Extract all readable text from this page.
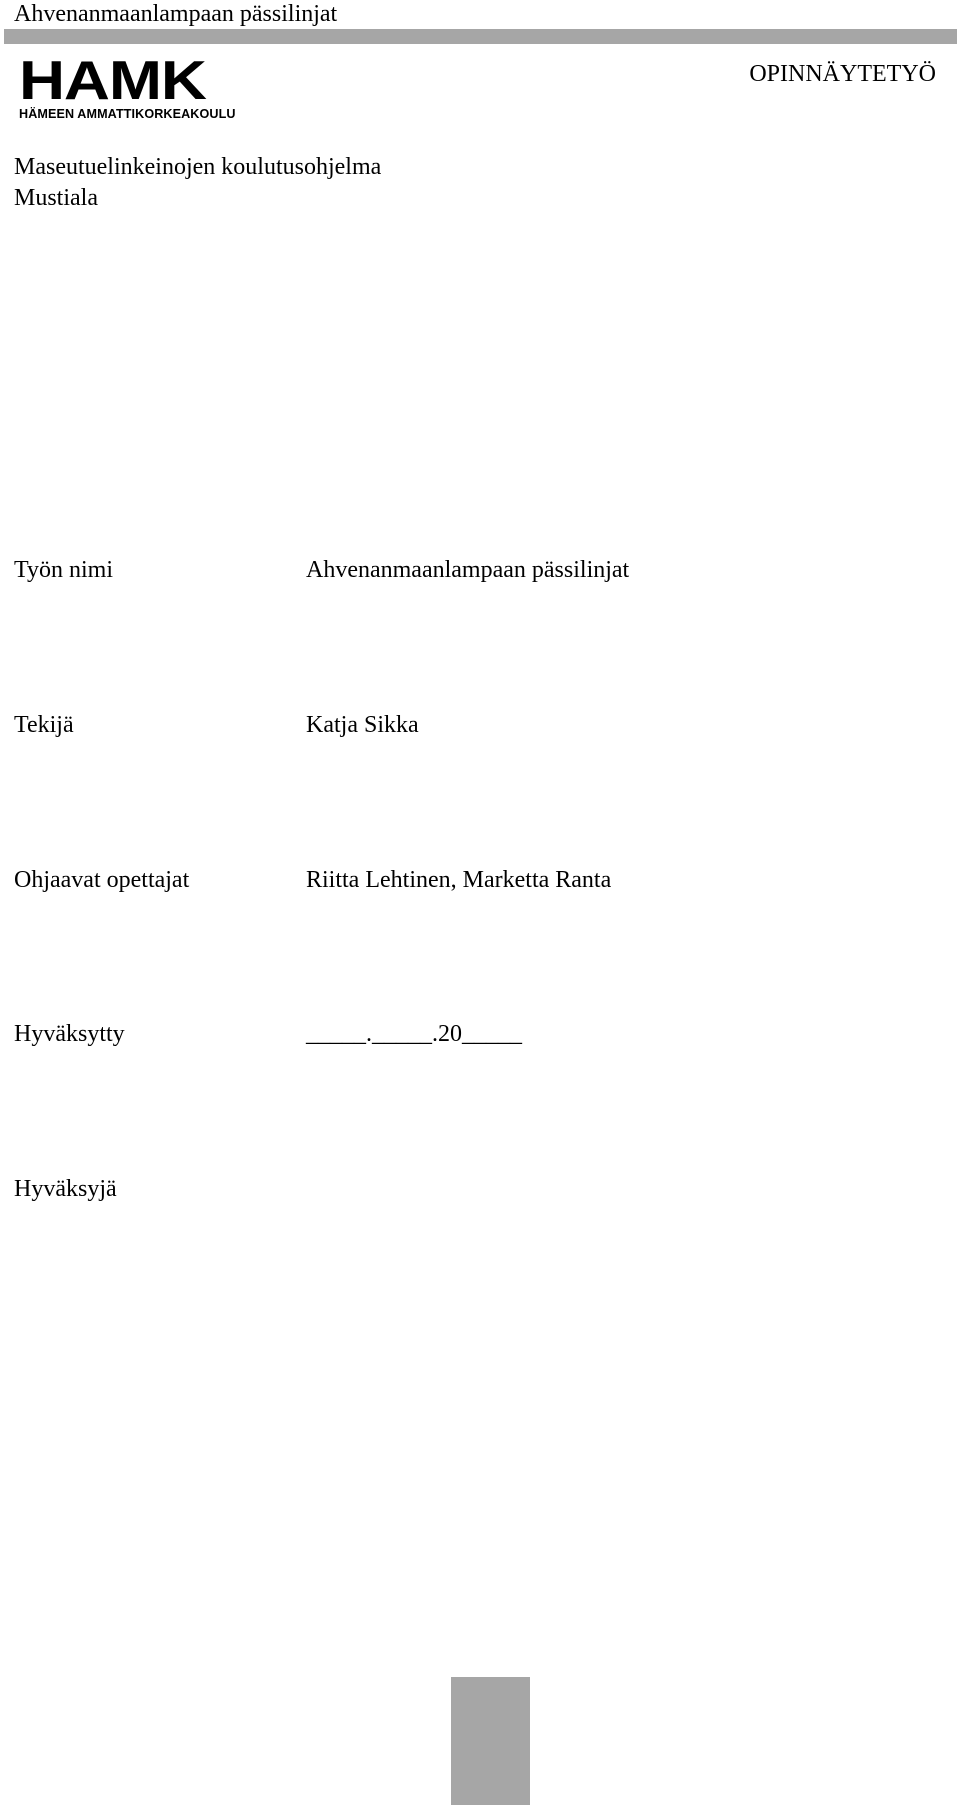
Ahvenanmaanlampaan pässilinjat
OPINNÄYTETYÖ
HAMK
HÄMEEN AMMATTIKORKEAKOULU
Maseutuelinkeinojen koulutusohjelma
Mustiala
Työn nimi	Ahvenanmaanlampaan pässilinjat
Tekijä	Katja Sikka
Ohjaavat opettajat	Riitta Lehtinen, Marketta Ranta
Hyväksytty	_____._____.20_____
Hyväksyjä
